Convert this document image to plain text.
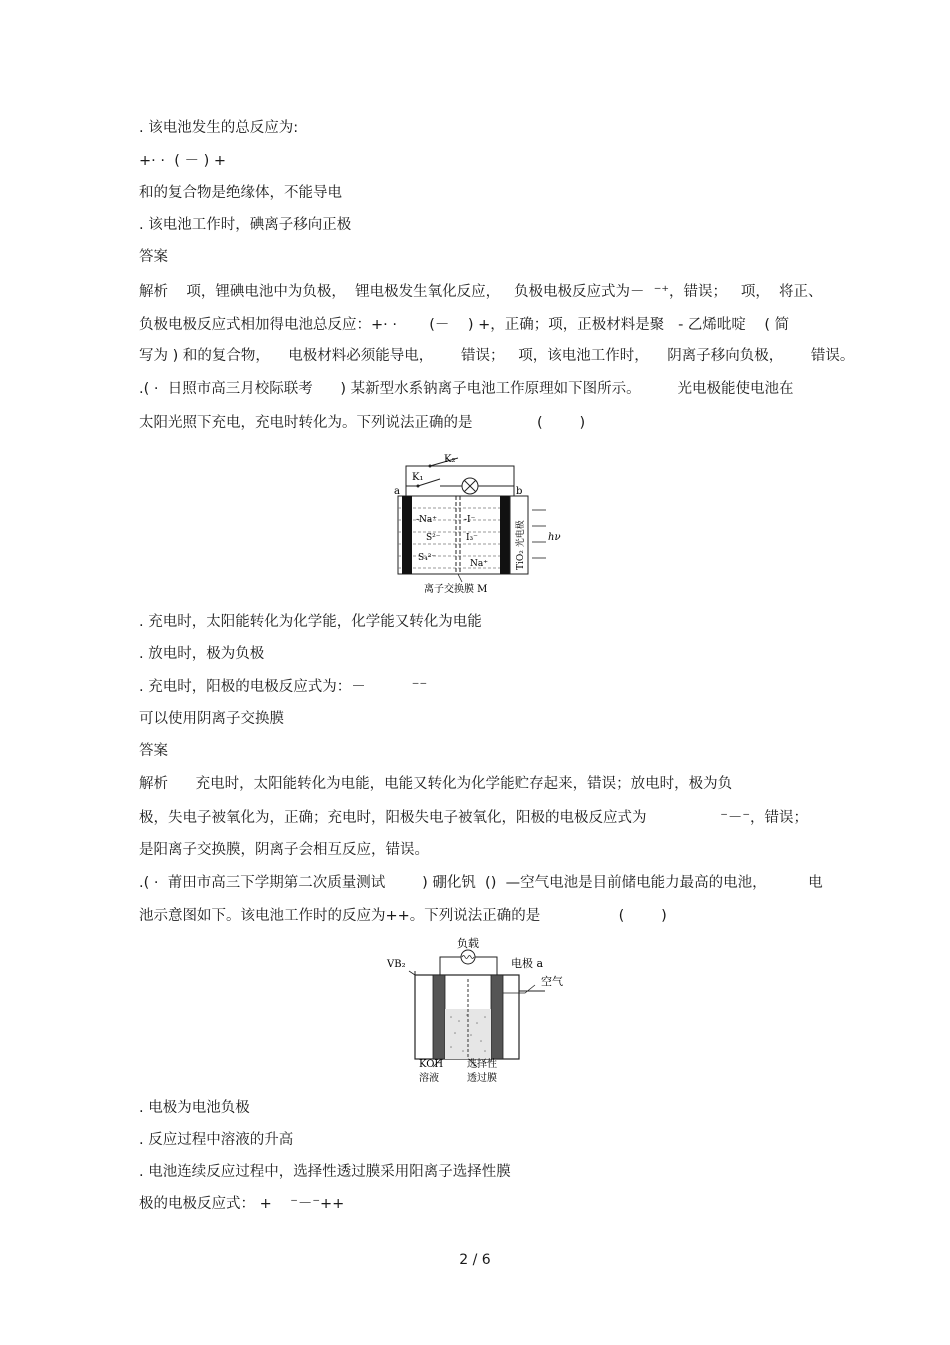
. 该电池发生的总反应为:
+· ·  ( － ) +
和的复合物是绝缘体，不能导电
. 该电池工作时，碘离子移向正极
答案
解析    项，锂碘电池中为负极，  锂电极发生氧化反应，   负极电极反应式为－  ⁻⁺，错误；   项，  将正、
负极电极反应式相加得电池总反应：+· ·       (－    ) +，正确；项，正极材料是聚   - 乙烯吡啶    ( 简
写为 ) 和的复合物，    电极材料必须能导电，      错误；   项，该电池工作时，    阴离子移向负极，      错误。
.( ·  日照市高三月校际联考      ) 某新型水系钠离子电池工作原理如下图所示。        光电极能使电池在
太阳光照下充电，充电时转化为。下列说法正确的是              (        )
. 充电时，太阳能转化为化学能，化学能又转化为电能
. 放电时，极为负极
. 充电时，阳极的电极反应式为：－          ⁻⁻
可以使用阴离子交换膜
答案
解析      充电时，太阳能转化为电能，电能又转化为化学能贮存起来，错误；放电时，极为负
极，失电子被氧化为，正确；充电时，阳极失电子被氧化，阳极的电极反应式为                ⁻－⁻，错误；
是阳离子交换膜，阴离子会相互反应，错误。
.( ·  莆田市高三下学期第二次质量测试        ) 硼化钒  ()  —空气电池是目前储电能力最高的电池，         电
池示意图如下。该电池工作时的反应为++。下列说法正确的是                 (        )
. 电极为电池负极
. 反应过程中溶液的升高
. 电池连续反应过程中，选择性透过膜采用阳离子选择性膜
极的电极反应式： +    ⁻－⁻++
K₂
K₁
a	b
-Na⁺
S²⁻
S₄²⁻
-I⁻
I₃⁻
Na⁺	TiO₂ 光电极 hν
离子交换膜 M
负载
VB₂	电极 a
空气
KOH
溶液
选择性
透过膜
2 / 6
